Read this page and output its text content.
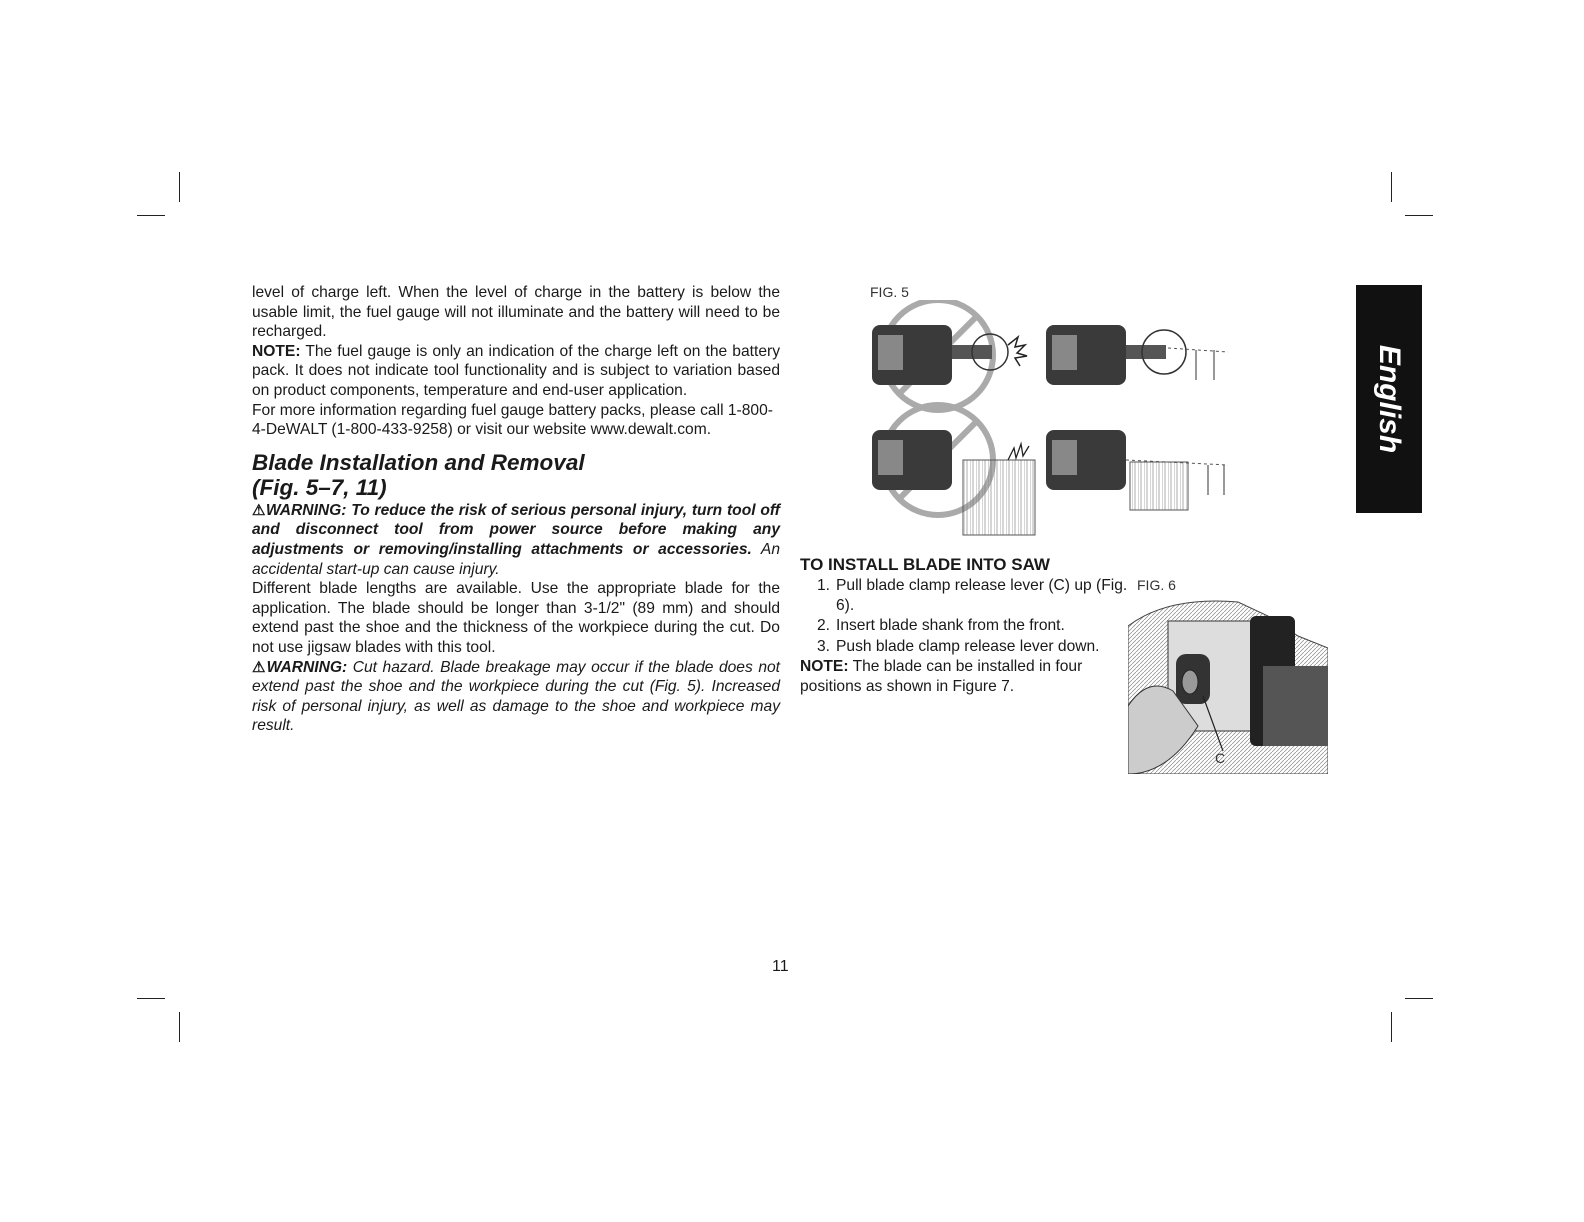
level of charge left. When the level of charge in the battery is below the usable limit, the fuel gauge will not illuminate and the battery will need to be recharged.

NOTE: The fuel gauge is only an indication of the charge left on the battery pack. It does not indicate tool functionality and is subject to variation based on product components, temperature and end-user application.

For more information regarding fuel gauge battery packs, please call 1-800-4-DeWALT (1-800-433-9258) or visit our website www.dewalt.com.

Blade Installation and Removal
(Fig. 5–7, 11)

⚠WARNING: To reduce the risk of serious personal injury, turn tool off and disconnect tool from power source before making any adjustments or removing/installing attachments or accessories. An accidental start-up can cause injury.

Different blade lengths are available. Use the appropriate blade for the application. The blade should be longer than 3-1/2" (89 mm) and should extend past the shoe and the thickness of the workpiece during the cut. Do not use jigsaw blades with this tool.

⚠WARNING: Cut hazard. Blade breakage may occur if the blade does not extend past the shoe and the workpiece during the cut (Fig. 5). Increased risk of personal injury, as well as damage to the shoe and workpiece may result.

FIG. 5
TO INSTALL BLADE INTO SAW
1. Pull blade clamp release lever (C) up (Fig. 6).
2. Insert blade shank from the front.
3. Push blade clamp release lever down.

NOTE: The blade can be installed in four positions as shown in Figure 7.

FIG. 6
C
English
11
